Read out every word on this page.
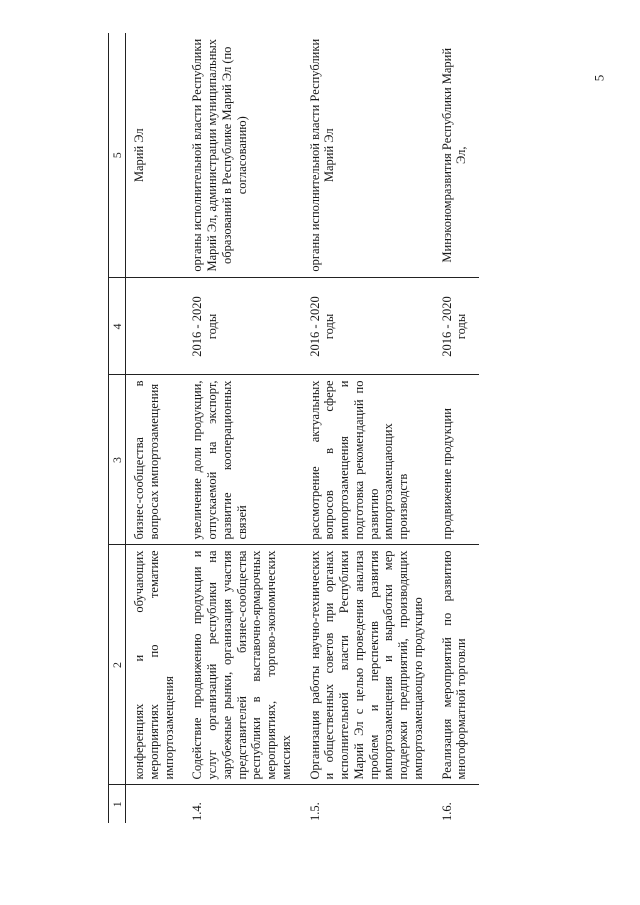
5
1	2	3	4	5
	конференциях и обучающих мероприятиях по тематике импортозамещения	бизнес-сообщества в вопросах импортозамещения		Марий Эл
1.4.	Содействие продвижению продукции и услуг организаций республики на зарубежные рынки, организация участия представителей бизнес-сообщества республики в выставочно-ярмарочных мероприятиях, торгово-экономических миссиях	увеличение доли продукции, отпускаемой на экспорт, развитие кооперационных связей	2016 - 2020 годы	органы исполнительной власти Республики Марий Эл, администрации муниципальных образований в Республике Марий Эл (по согласованию)
1.5.	Организация работы научно-технических и общественных советов при органах исполнительной власти Республики Марий Эл с целью проведения анализа проблем и перспектив развития импортозамещения и выработки мер поддержки предприятий, производящих импортозамещающую продукцию	рассмотрение актуальных вопросов в сфере импортозамещения и подготовка рекомендаций по развитию импортозамещающих производств	2016 - 2020 годы	органы исполнительной власти Республики Марий Эл
1.6.	Реализация мероприятий по развитию многоформатной торговли	продвижение продукции	2016 - 2020 годы	Минэкономразвития Республики Марий Эл,
